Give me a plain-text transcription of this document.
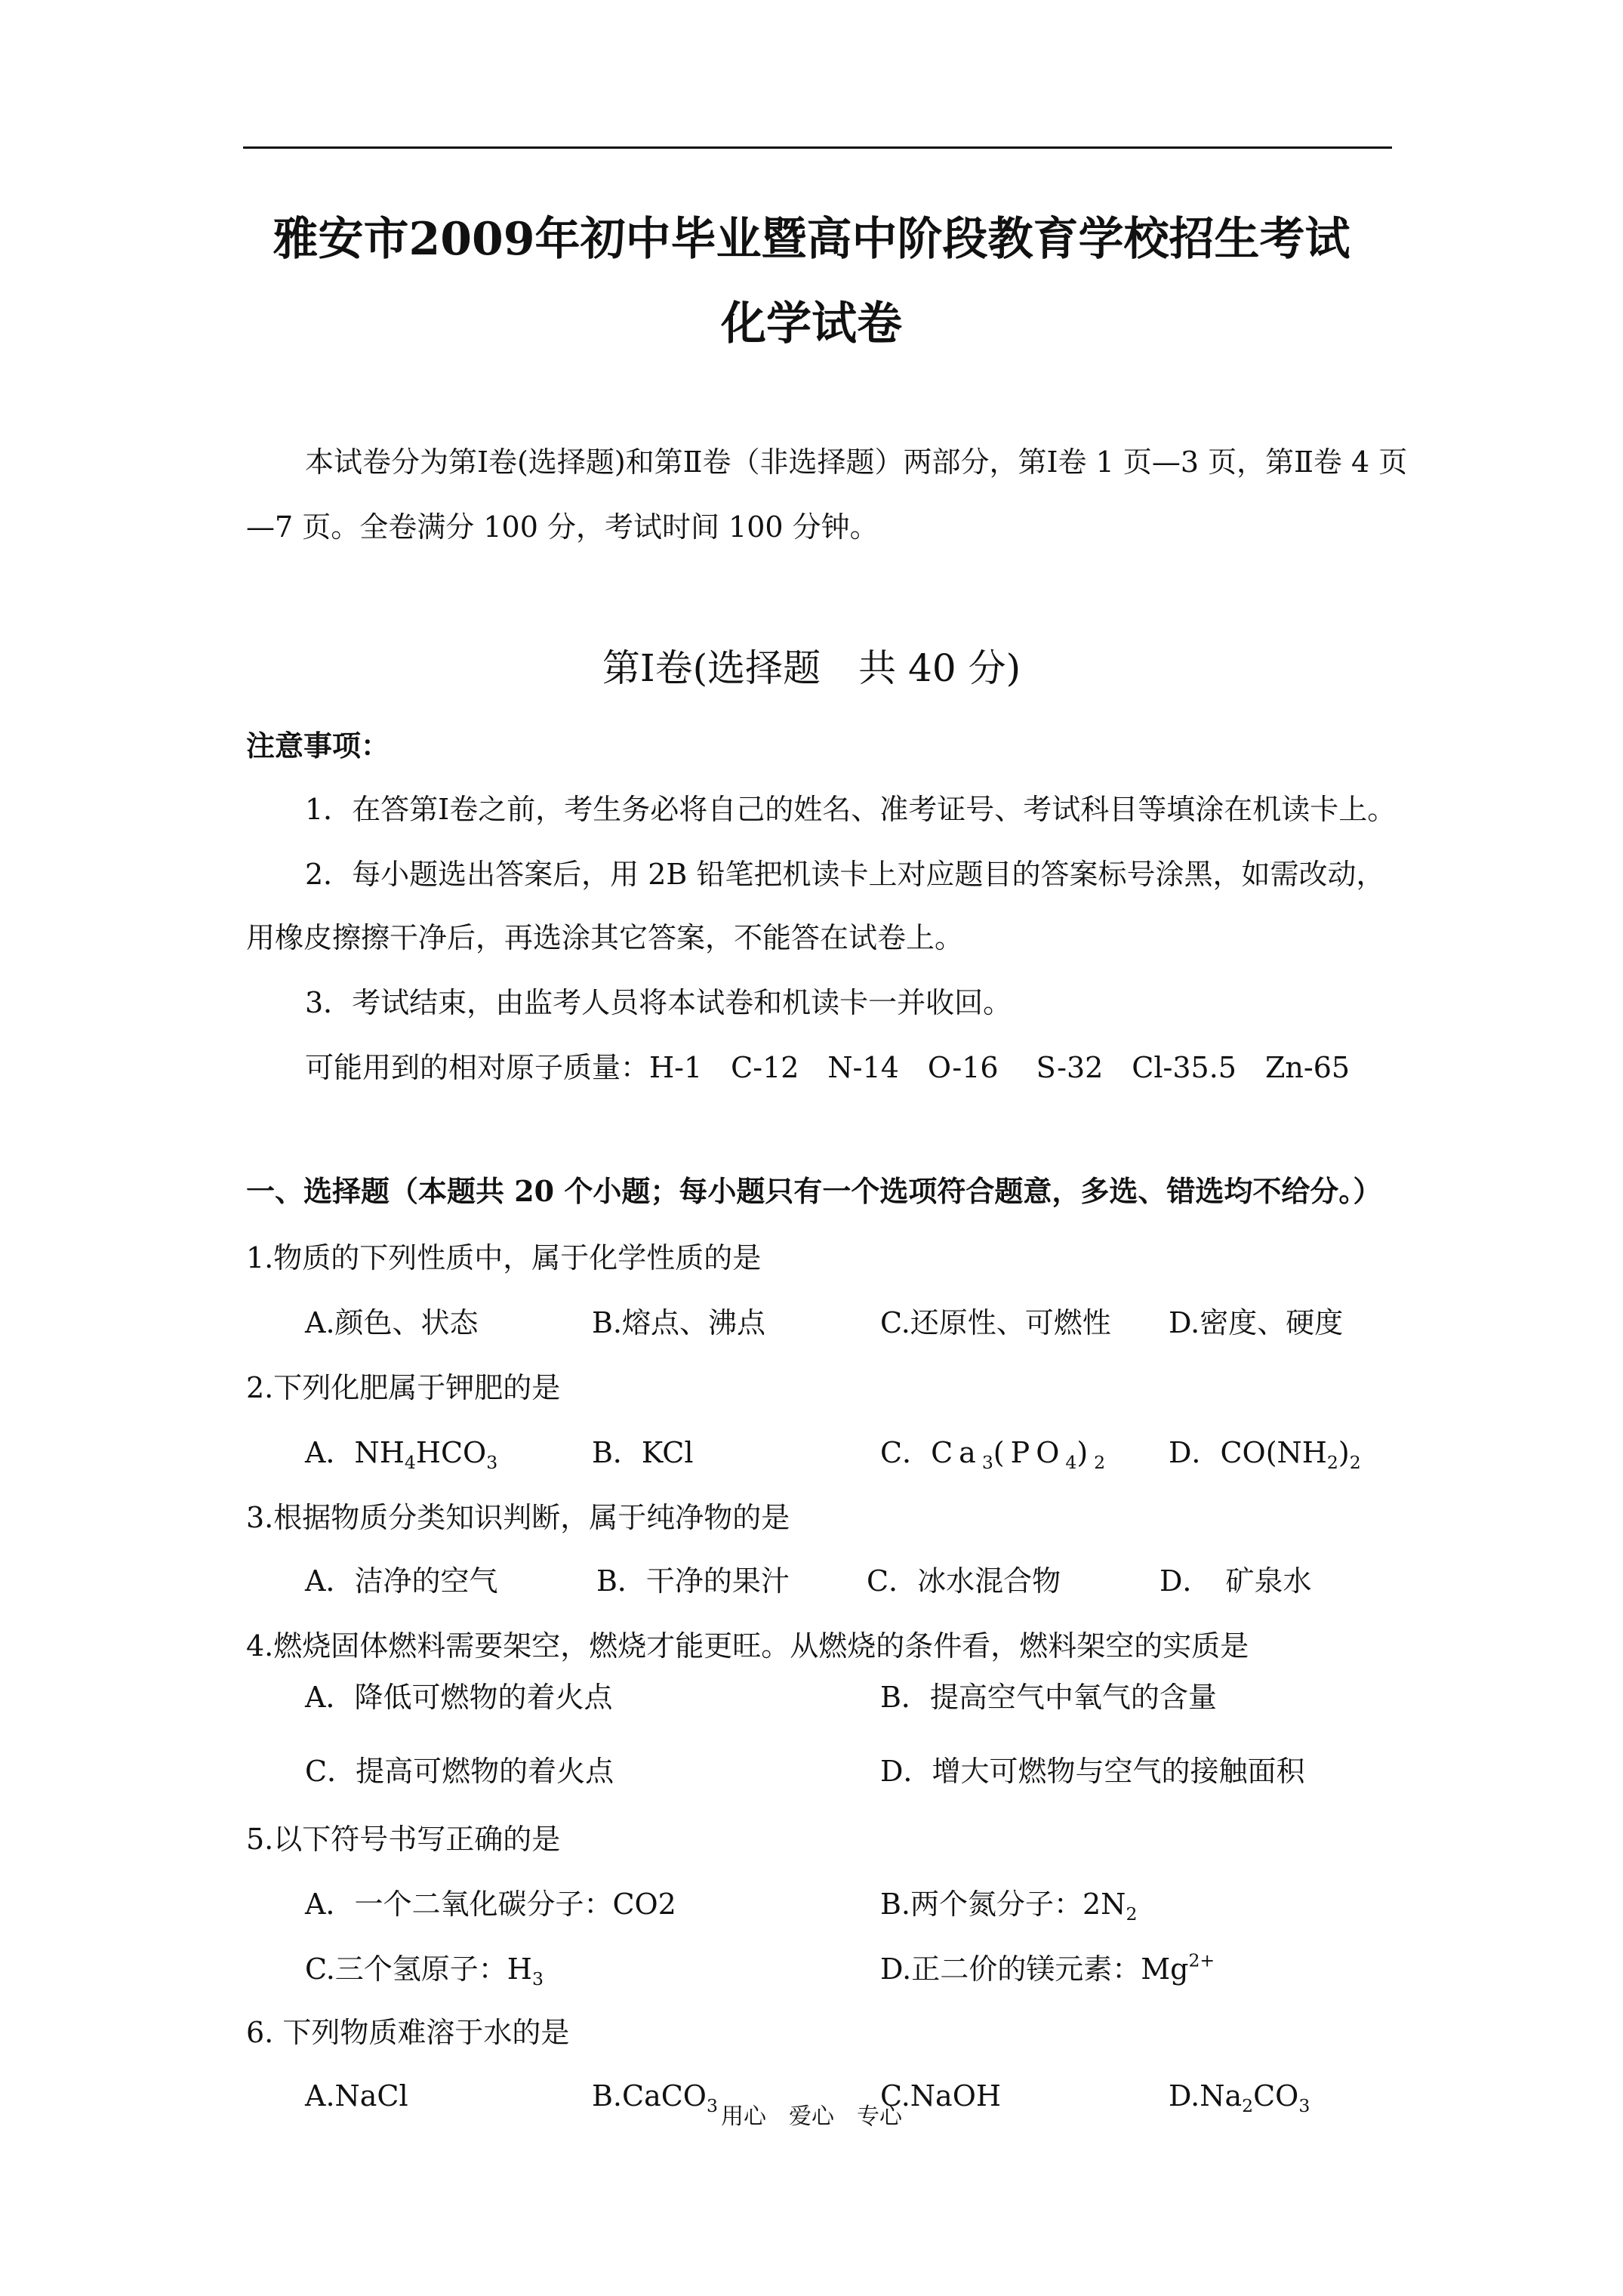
雅安市2009年初中毕业暨高中阶段教育学校招生考试
化学试卷
本试卷分为第Ⅰ卷(选择题)和第Ⅱ卷（非选择题）两部分，第Ⅰ卷 1 页—3 页，第Ⅱ卷 4 页
—7 页。全卷满分 100 分，考试时间 100 分钟。
第Ⅰ卷(选择题　共 40 分)
注意事项：
1．在答第Ⅰ卷之前，考生务必将自己的姓名、准考证号、考试科目等填涂在机读卡上。
2．每小题选出答案后，用 2B 铅笔把机读卡上对应题目的答案标号涂黑，如需改动，
用橡皮擦擦干净后，再选涂其它答案，不能答在试卷上。
3．考试结束，由监考人员将本试卷和机读卡一并收回。
可能用到的相对原子质量：H-1　C-12　N-14　O-16　 S-32　Cl-35.5　Zn-65
一、选择题（本题共 20 个小题；每小题只有一个选项符合题意，多选、错选均不给分。）
1.物质的下列性质中，属于化学性质的是
A.颜色、状态	B.熔点、沸点	C.还原性、可燃性 D.密度、硬度
2.下列化肥属于钾肥的是
A．$NH_4HCO_3$	B．KCl	C．$Ca_3(PO_4)_2$ D．$CO(NH_2)_2$
3.根据物质分类知识判断，属于纯净物的是
A．洁净的空气	B．干净的果汁	C．冰水混合物	D．　矿泉水
4.燃烧固体燃料需要架空，燃烧才能更旺。从燃烧的条件看，燃料架空的实质是
A．降低可燃物的着火点	B．提高空气中氧气的含量
C．提高可燃物的着火点	D．增大可燃物与空气的接触面积
5.以下符号书写正确的是
A．一个二氧化碳分子：CO2	B.两个氮分子：$2N_2$
C.三个氢原子：$H_3$	D.正二价的镁元素：$Mg^{2+}$
6. 下列物质难溶于水的是
A.NaCl	B.CaCO$_3$	C.NaOH	$D.Na_2CO_3$
用心　爱心　专心
